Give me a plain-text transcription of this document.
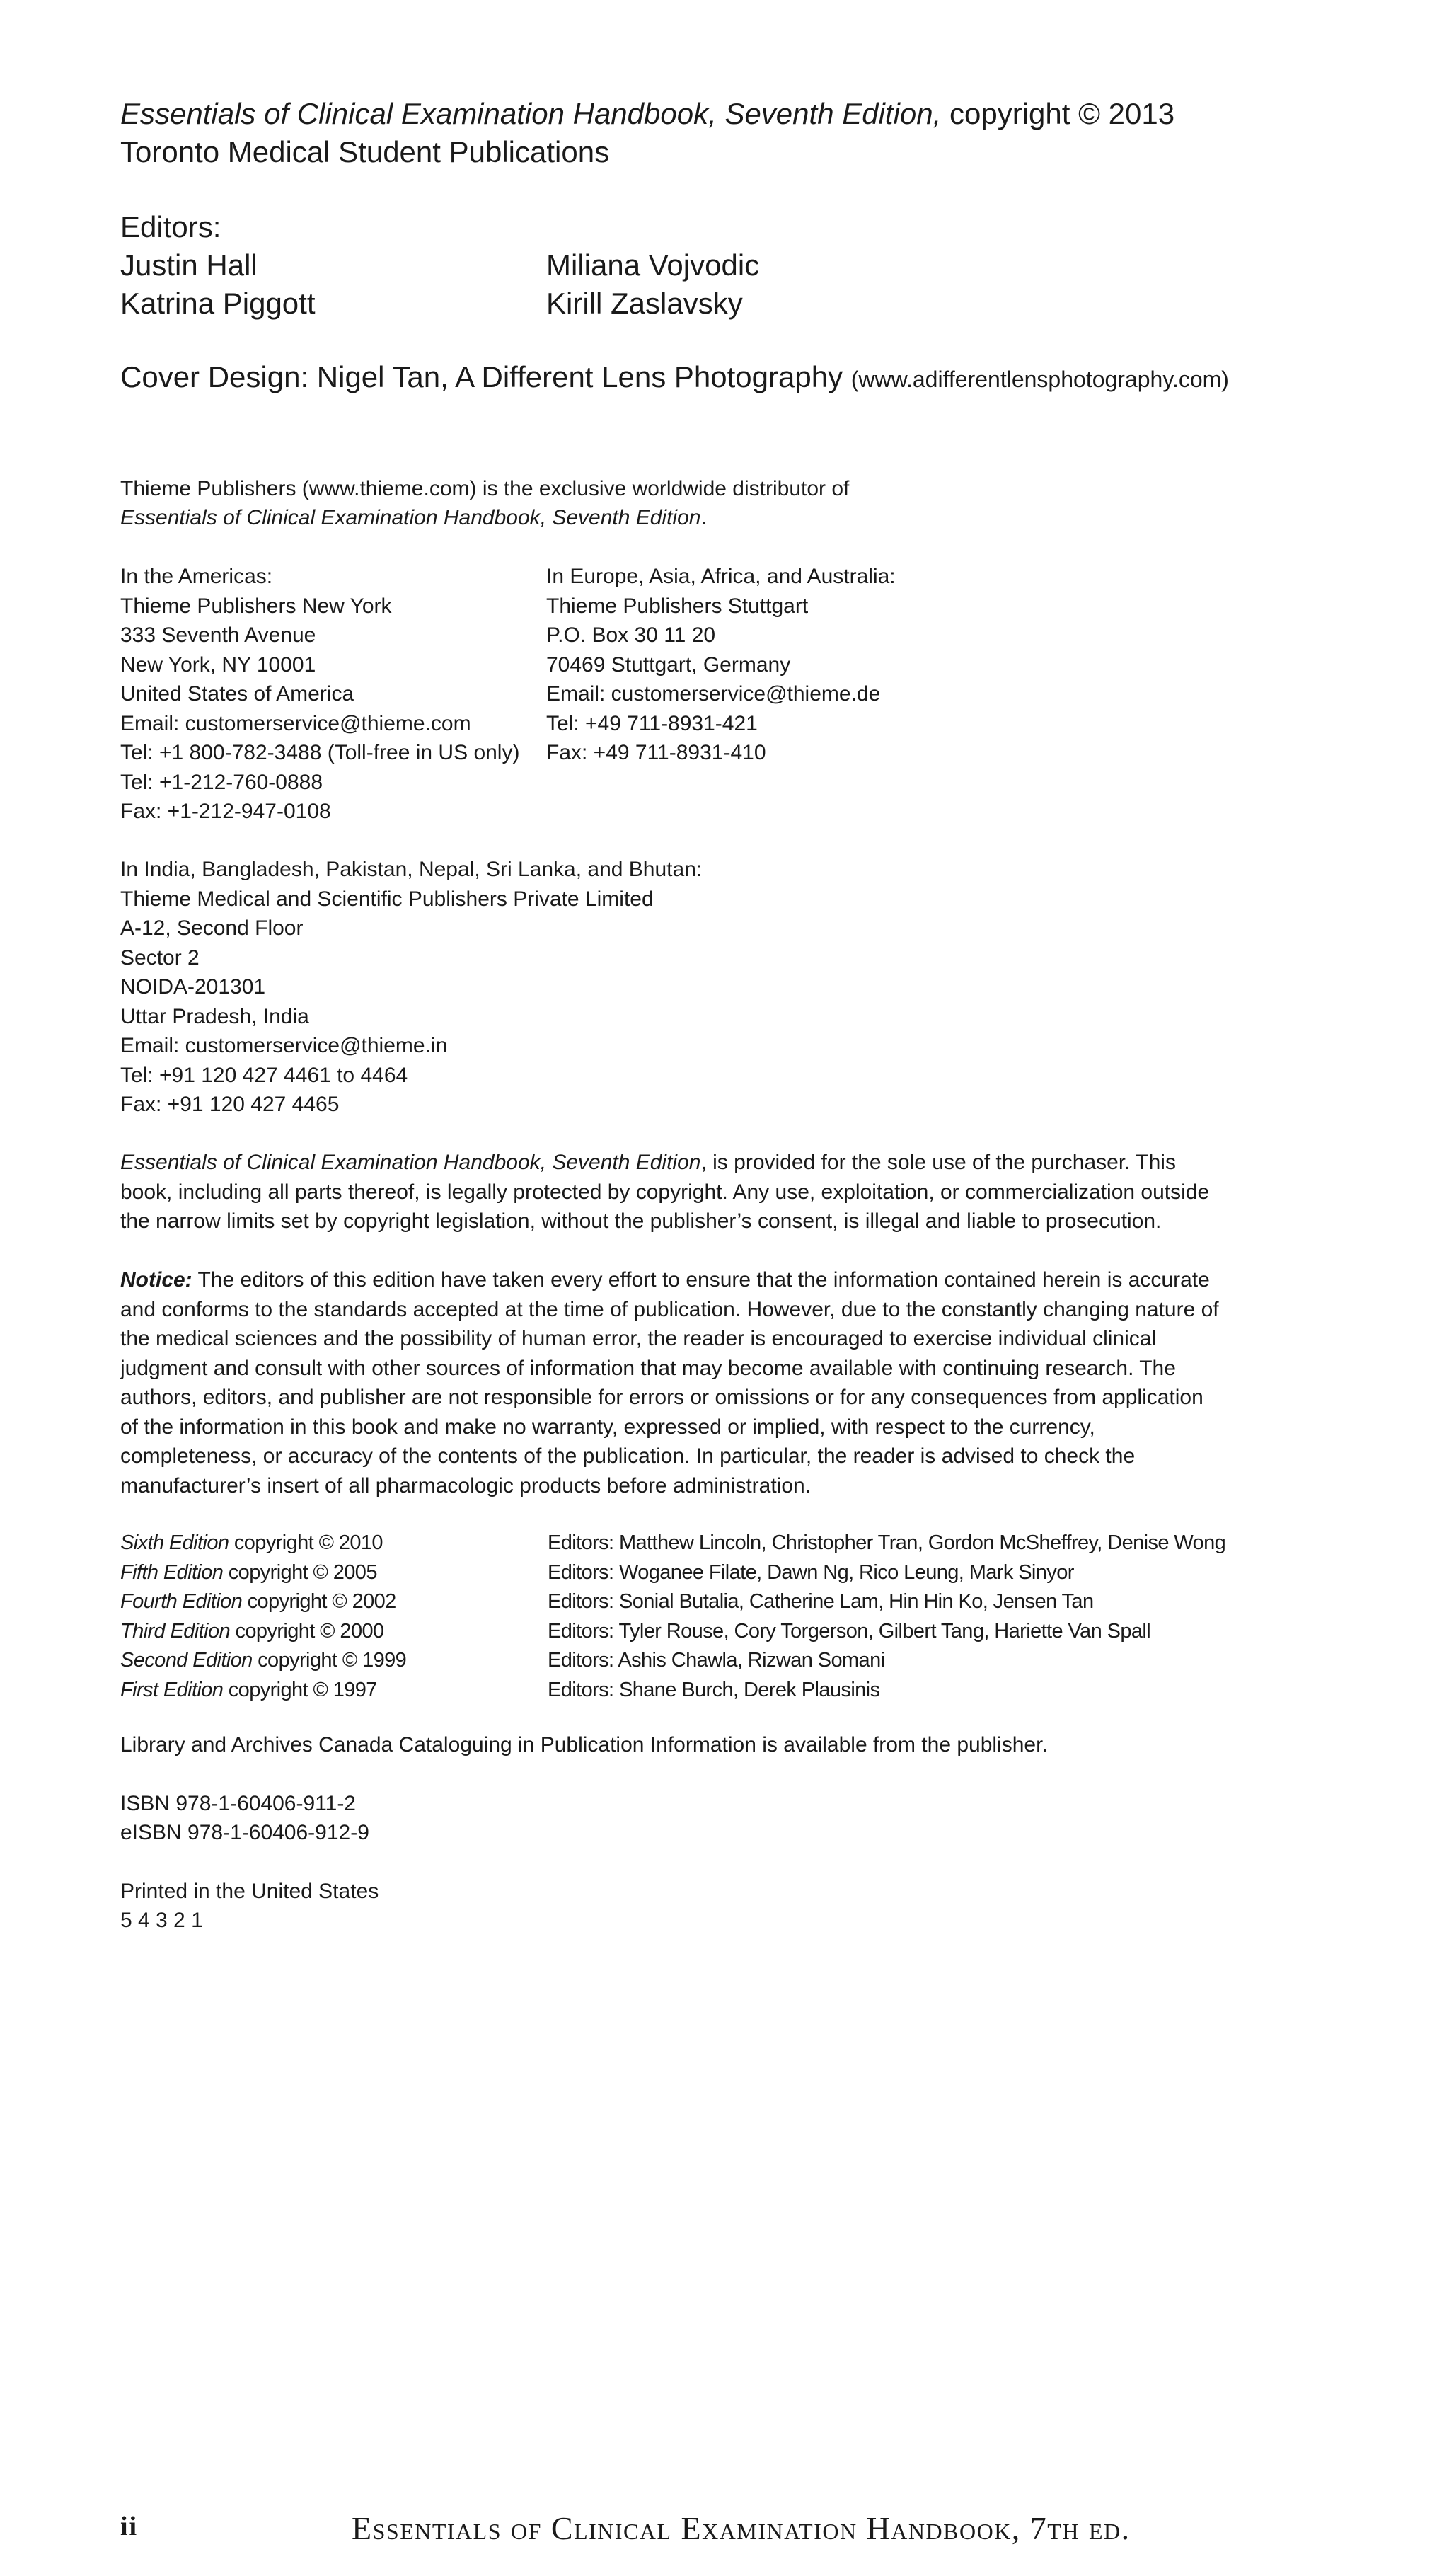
Essentials of Clinical Examination Handbook, Seventh Edition, copyright © 2013
Toronto Medical Student Publications
Editors:
Justin Hall
Katrina Piggott
Miliana Vojvodic
Kirill Zaslavsky
Cover Design: Nigel Tan, A Different Lens Photography (www.adifferentlensphotography.com)
Thieme Publishers (www.thieme.com) is the exclusive worldwide distributor of
Essentials of Clinical Examination Handbook, Seventh Edition.
In the Americas:
Thieme Publishers New York
333 Seventh Avenue
New York, NY 10001
United States of America
Email: customerservice@thieme.com
Tel: +1 800-782-3488 (Toll-free in US only)
Tel: +1-212-760-0888
Fax: +1-212-947-0108
In Europe, Asia, Africa, and Australia:
Thieme Publishers Stuttgart
P.O. Box 30 11 20
70469 Stuttgart, Germany
Email: customerservice@thieme.de
Tel: +49 711-8931-421
Fax: +49 711-8931-410
In India, Bangladesh, Pakistan, Nepal, Sri Lanka, and Bhutan:
Thieme Medical and Scientific Publishers Private Limited
A-12, Second Floor
Sector 2
NOIDA-201301
Uttar Pradesh, India
Email: customerservice@thieme.in
Tel: +91 120 427 4461 to 4464
Fax: +91 120 427 4465
Essentials of Clinical Examination Handbook, Seventh Edition, is provided for the sole use of the purchaser. This book, including all parts thereof, is legally protected by copyright. Any use, exploitation, or commercialization outside the narrow limits set by copyright legislation, without the publisher’s consent, is illegal and liable to prosecution.
Notice: The editors of this edition have taken every effort to ensure that the information contained herein is accurate and conforms to the standards accepted at the time of publication. However, due to the constantly changing nature of the medical sciences and the possibility of human error, the reader is encouraged to exercise individual clinical judgment and consult with other sources of information that may become available with continuing research. The authors, editors, and publisher are not responsible for errors or omissions or for any consequences from application of the information in this book and make no warranty, expressed or implied, with respect to the currency, completeness, or accuracy of the contents of the publication. In particular, the reader is advised to check the manufacturer’s insert of all pharmacologic products before administration.
Sixth Edition copyright © 2010
Fifth Edition copyright © 2005
Fourth Edition copyright © 2002
Third Edition copyright © 2000
Second Edition copyright © 1999
First Edition copyright © 1997
Editors: Matthew Lincoln, Christopher Tran, Gordon McSheffrey, Denise Wong
Editors: Woganee Filate, Dawn Ng, Rico Leung, Mark Sinyor
Editors: Sonial Butalia, Catherine Lam, Hin Hin Ko, Jensen Tan
Editors: Tyler Rouse, Cory Torgerson, Gilbert Tang, Hariette Van Spall
Editors: Ashis Chawla, Rizwan Somani
Editors: Shane Burch, Derek Plausinis
Library and Archives Canada Cataloguing in Publication Information is available from the publisher.
ISBN 978-1-60406-911-2
eISBN 978-1-60406-912-9
Printed in the United States
5 4 3 2 1
ii	Essentials of Clinical Examination Handbook, 7th ed.
